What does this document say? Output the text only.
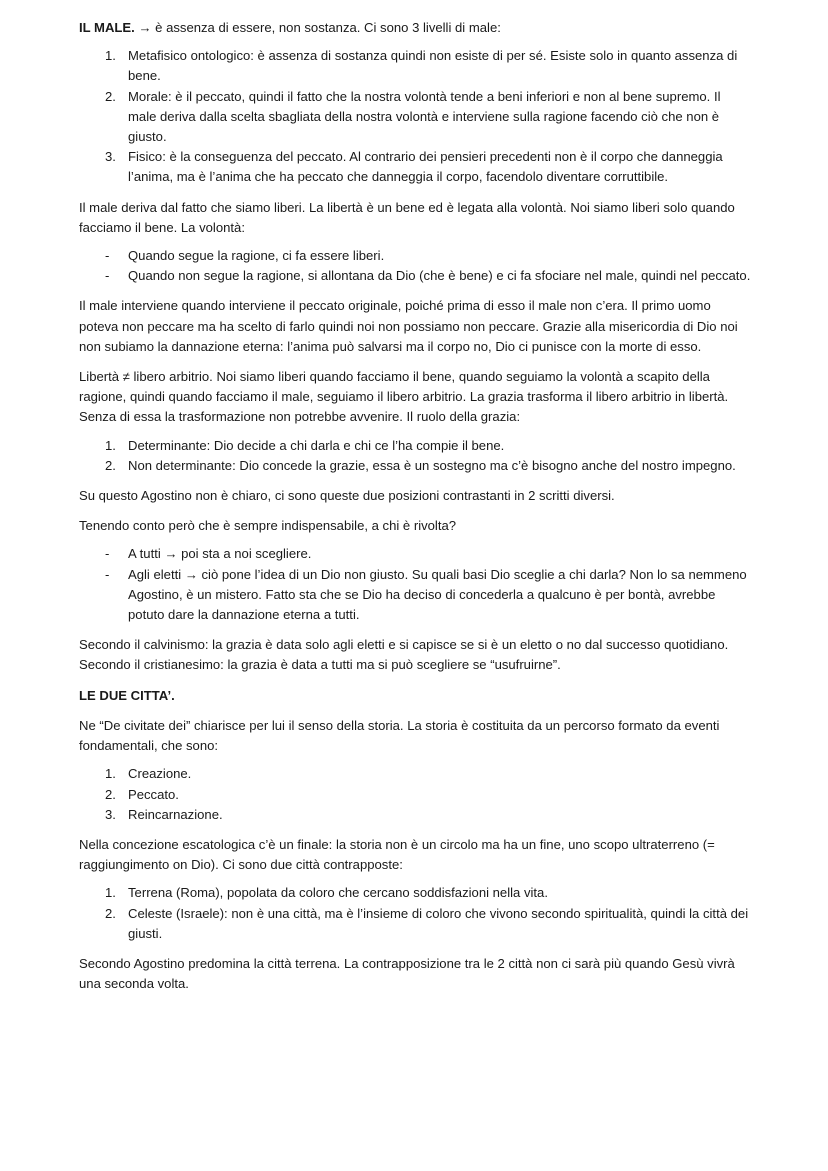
IL MALE. → è assenza di essere, non sostanza. Ci sono 3 livelli di male:

1. Metafisico ontologico: è assenza di sostanza quindi non esiste di per sé. Esiste solo in quanto assenza di bene.
2. Morale: è il peccato, quindi il fatto che la nostra volontà tende a beni inferiori e non al bene supremo. Il male deriva dalla scelta sbagliata della nostra volontà e interviene sulla ragione facendo ciò che non è giusto.
3. Fisico: è la conseguenza del peccato. Al contrario dei pensieri precedenti non è il corpo che danneggia l’anima, ma è l’anima che ha peccato che danneggia il corpo, facendolo diventare corruttibile.

Il male deriva dal fatto che siamo liberi. La libertà è un bene ed è legata alla volontà. Noi siamo liberi solo quando facciamo il bene. La volontà:

-	Quando segue la ragione, ci fa essere liberi.
-	Quando non segue la ragione, si allontana da Dio (che è bene) e ci fa sfociare nel male, quindi nel peccato.

Il male interviene quando interviene il peccato originale, poiché prima di esso il male non c’era. Il primo uomo poteva non peccare ma ha scelto di farlo quindi noi non possiamo non peccare. Grazie alla misericordia di Dio noi non subiamo la dannazione eterna: l’anima può salvarsi ma il corpo no, Dio ci punisce con la morte di esso.

Libertà ≠ libero arbitrio. Noi siamo liberi quando facciamo il bene, quando seguiamo la volontà a scapito della ragione, quindi quando facciamo il male, seguiamo il libero arbitrio. La grazia trasforma il libero arbitrio in libertà. Senza di essa la trasformazione non potrebbe avvenire. Il ruolo della grazia:

1. Determinante: Dio decide a chi darla e chi ce l’ha compie il bene.
2. Non determinante: Dio concede la grazie, essa è un sostegno ma c’è bisogno anche del nostro impegno.

Su questo Agostino non è chiaro, ci sono queste due posizioni contrastanti in 2 scritti diversi.

Tenendo conto però che è sempre indispensabile, a chi è rivolta?

-	A tutti → poi sta a noi scegliere.
-	Agli eletti → ciò pone l’idea di un Dio non giusto. Su quali basi Dio sceglie a chi darla? Non lo sa nemmeno Agostino, è un mistero. Fatto sta che se Dio ha deciso di concederla a qualcuno è per bontà, avrebbe potuto dare la dannazione eterna a tutti.

Secondo il calvinismo: la grazia è data solo agli eletti e si capisce se si è un eletto o no dal successo quotidiano.

Secondo il cristianesimo: la grazia è data a tutti ma si può scegliere se “usufruirne”.

LE DUE CITTA’.

Ne “De civitate dei” chiarisce per lui il senso della storia. La storia è costituita da un percorso formato da eventi fondamentali, che sono:

1. Creazione.
2. Peccato.
3. Reincarnazione.

Nella concezione escatologica c’è un finale: la storia non è un circolo ma ha un fine, uno scopo ultraterreno (= raggiungimento on Dio). Ci sono due città contrapposte:

1. Terrena (Roma), popolata da coloro che cercano soddisfazioni nella vita.
2. Celeste (Israele): non è una città, ma è l’insieme di coloro che vivono secondo spiritualità, quindi la città dei giusti.

Secondo Agostino predomina la città terrena. La contrapposizione tra le 2 città non ci sarà più quando Gesù vivrà una seconda volta.
